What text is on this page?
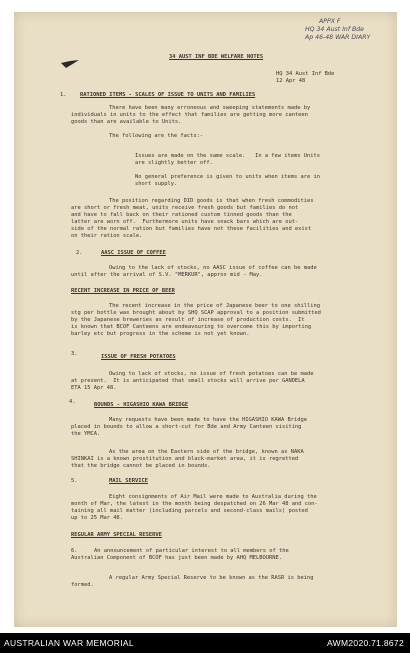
APPX F
HQ 34 Aust Inf Bde
Ap 46-48 WAR DIARY
34 AUST INF BDE WELFARE NOTES
HQ 34 Aust Inf Bde
12 Apr 48
1.	RATIONED ITEMS - SCALES OF ISSUE TO UNITS AND FAMILIES
There have been many erroneous and sweeping statements made by
individuals in units to the effect that families are getting more canteen
goods than are available to Units.
The following are the facts:-
Issues are made on the same scale.   In a few items Units
are slightly better off.
No general preference is given to units when items are in
short supply.
The position regarding DID goods is that when fresh commodities
are short or fresh meat, units receive fresh goods but families do not
and have to fall back on their rationed custom tinned goods than the
latter are worn off.  Furthermore units have snack bars which are out-
side of the normal ration but families have not these facilities and exist
on their ration scale.
2.	AASC ISSUE OF COFFEE
Owing to the lack of stocks, no AASC issue of coffee can be made
until after the arrival of S.V. "MERKUR", approx mid - May.
RECENT INCREASE IN PRICE OF BEER
The recent increase in the price of Japanese beer to one shilling
stg per bottle was brought about by SHQ SCAP approval to a position submitted
by the Japanese breweries as result of increase of production costs.  It
is known that BCOF Canteens are endeavouring to overcome this by importing
barley etc but progress in the scheme is not yet known.
3.	ISSUE OF FRESH POTATOES
Owing to lack of stocks, no issue of fresh potatoes can be made
at present.  It is anticipated that small stocks will arrive per GANDELA
ETA 15 Apr 48.
4.	BOUNDS - HIGASHIO KAWA BRIDGE
Many requests have been made to have the HIGASHIO KAWA Bridge
placed in bounds to allow a short-cut for Bde and Army Canteen visiting
the YMCA.
As the area on the Eastern side of the bridge, known as NAKA
SHINKAI is a known prostitution and black-market area, it is regretted
that the bridge cannot be placed in bounds.
5.	MAIL SERVICE
Eight consignments of Air Mail were made to Australia during the
month of Mar, the latest in the month being despatched on 26 Mar 48 and con-
taining all mail matter (including parcels and second-class mails) posted
up to 25 Mar 48.
REGULAR ARMY SPECIAL RESERVE
6.	An announcement of particular interest to all members of the
Australian Component of BCOF has just been made by AHQ MELBOURNE.
A regular Army Special Reserve to be known as the RASR is being
formed.
AUSTRALIAN WAR MEMORIAL	AWM2020.71.8672
